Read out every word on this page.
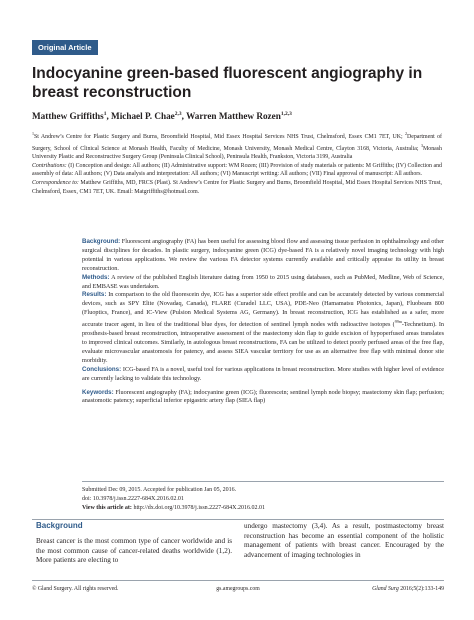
Original Article
Indocyanine green-based fluorescent angiography in breast reconstruction
Matthew Griffiths$^1$, Michael P. Chae$^{2,3}$, Warren Matthew Rozen$^{1,2,3}$

$^1$St Andrew’s Centre for Plastic Surgery and Burns, Broomfield Hospital, Mid Essex Hospital Services NHS Trust, Chelmsford, Essex CM1 7ET, UK; $^2$Department of Surgery, School of Clinical Science at Monash Health, Faculty of Medicine, Monash University, Monash Medical Centre, Clayton 3168, Victoria, Australia; $^3$Monash University Plastic and Reconstructive Surgery Group (Peninsula Clinical School), Peninsula Health, Frankston, Victoria 3199, Australia

Contributions: (I) Conception and design: All authors; (II) Administrative support: WM Rozen; (III) Provision of study materials or patients: M Griffiths; (IV) Collection and assembly of data: All authors; (V) Data analysis and interpretation: All authors; (VI) Manuscript writing: All authors; (VII) Final approval of manuscript: All authors.

Correspondence to: Matthew Griffiths, MD, FRCS (Plast). St Andrew’s Centre for Plastic Surgery and Burns, Broomfield Hospital, Mid Essex Hospital Services NHS Trust, Chelmsford, Essex, CM1 7ET, UK. Email: Matgriffiths@hotmail.com.

Background: Fluorescent angiography (FA) has been useful for assessing blood flow and assessing tissue perfusion in ophthalmology and other surgical disciplines for decades. In plastic surgery, indocyanine green (ICG) dye-based FA is a relatively novel imaging technology with high potential in various applications. We review the various FA detector systems currently available and critically appraise its utility in breast reconstruction.

Methods: A review of the published English literature dating from 1950 to 2015 using databases, such as PubMed, Medline, Web of Science, and EMBASE was undertaken.

Results: In comparison to the old fluorescein dye, ICG has a superior side effect profile and can be accurately detected by various commercial devices, such as SPY Elite (Novadaq, Canada), FLARE (Curadel LLC, USA), PDE-Neo (Hamamatsu Photonics, Japan), Fluobeam 800 (Fluoptics, France), and IC-View (Pulsion Medical Systems AG, Germany). In breast reconstruction, ICG has established as a safer, more accurate tracer agent, in lieu of the traditional blue dyes, for detection of sentinel lymph nodes with radioactive isotopes ($^{99m}$-Technetium). In prosthesis-based breast reconstruction, intraoperative assessment of the mastectomy skin flap to guide excision of hypoperfused areas translates to improved clinical outcomes. Similarly, in autologous breast reconstructions, FA can be utilized to detect poorly perfused areas of the free flap, evaluate microvascular anastomosis for patency, and assess SIEA vascular territory for use as an alternative free flap with minimal donor site morbidity.

Conclusions: ICG-based FA is a novel, useful tool for various applications in breast reconstruction. More studies with higher level of evidence are currently lacking to validate this technology.

Keywords: Fluorescent angiography (FA); indocyanine green (ICG); fluorescein; sentinel lymph node biopsy; mastectomy skin flap; perfusion; anastomotic patency; superficial inferior epigastric artery flap (SIEA flap)

Submitted Dec 09, 2015. Accepted for publication Jan 05, 2016.
doi: 10.3978/j.issn.2227-684X.2016.02.01
View this article at: http://dx.doi.org/10.3978/j.issn.2227-684X.2016.02.01
Background

Breast cancer is the most common type of cancer worldwide and is the most common cause of cancer-related deaths worldwide (1,2). More patients are electing to

undergo mastectomy (3,4). As a result, postmastectomy breast reconstruction has become an essential component of the holistic management of patients with breast cancer. Encouraged by the advancement of imaging technologies in

© Gland Surgery. All rights reserved.	gs.amegroups.com	Gland Surg 2016;5(2):133-149
